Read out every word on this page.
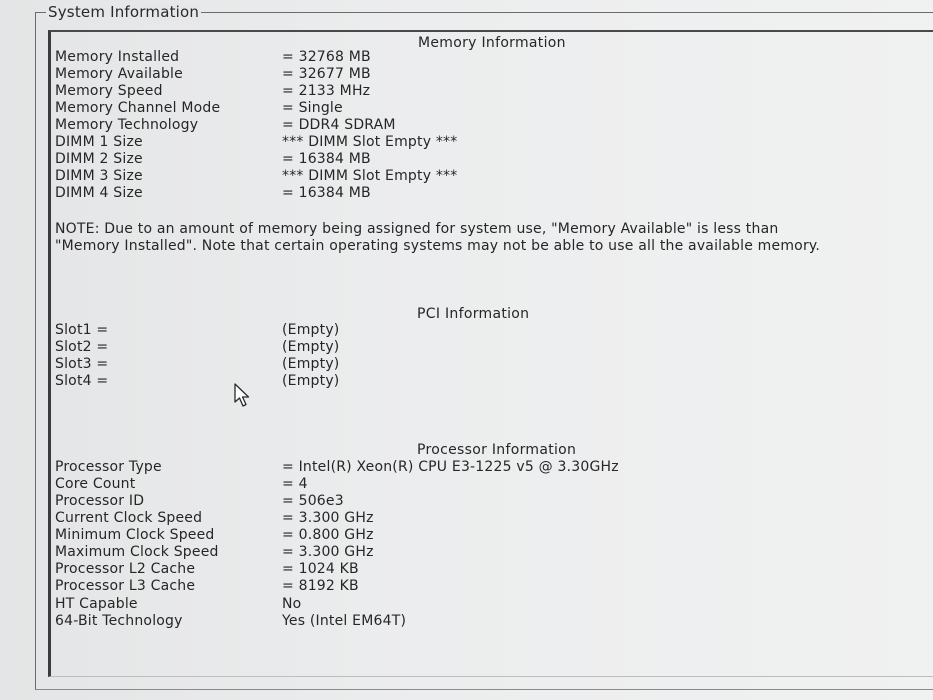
System Information
Memory Information
Memory Installed	= 32768 MB
Memory Available	= 32677 MB
Memory Speed	= 2133 MHz
Memory Channel Mode	= Single
Memory Technology	= DDR4 SDRAM
DIMM 1 Size	*** DIMM Slot Empty ***
DIMM 2 Size	= 16384 MB
DIMM 3 Size	*** DIMM Slot Empty ***
DIMM 4 Size	= 16384 MB
NOTE: Due to an amount of memory being assigned for system use, "Memory Available" is less than "Memory Installed". Note that certain operating systems may not be able to use all the available memory.
PCI Information
Slot1 =	(Empty)
Slot2 =	(Empty)
Slot3 =	(Empty)
Slot4 =	(Empty)
Processor Information
Processor Type	= Intel(R) Xeon(R) CPU E3-1225 v5 @ 3.30GHz
Core Count	= 4
Processor ID	= 506e3
Current Clock Speed	= 3.300 GHz
Minimum Clock Speed	= 0.800 GHz
Maximum Clock Speed	= 3.300 GHz
Processor L2 Cache	= 1024 KB
Processor L3 Cache	= 8192 KB
HT Capable	No
64-Bit Technology	Yes (Intel EM64T)
